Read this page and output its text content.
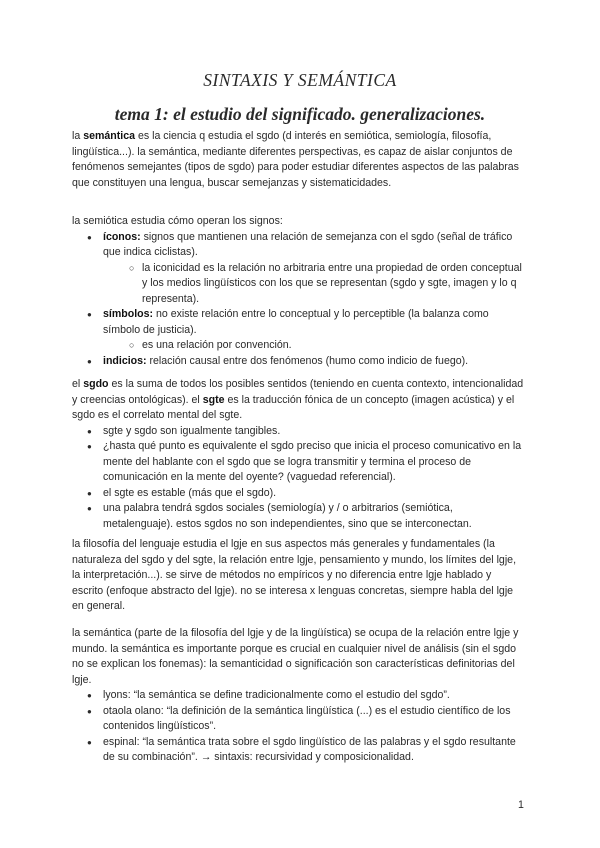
SINTAXIS Y SEMÁNTICA
tema 1: el estudio del significado. generalizaciones.

la semántica es la ciencia q estudia el sgdo (d interés en semiótica, semiología, filosofía, lingüística...). la semántica, mediante diferentes perspectivas, es capaz de aislar conjuntos de fenómenos semejantes (tipos de sgdo) para poder estudiar diferentes aspectos de las palabras que constituyen una lengua, buscar semejanzas y sistematicidades.

la semiótica estudia cómo operan los signos:

● íconos: signos que mantienen una relación de semejanza con el sgdo (señal de tráfico que indica ciclistas).
○ la iconicidad es la relación no arbitraria entre una propiedad de orden conceptual y los medios lingüísticos con los que se representan (sgdo y sgte, imagen y lo q representa).
● símbolos: no existe relación entre lo conceptual y lo perceptible (la balanza como símbolo de justicia).
○ es una relación por convención.
● indicios: relación causal entre dos fenómenos (humo como indicio de fuego).

el sgdo es la suma de todos los posibles sentidos (teniendo en cuenta contexto, intencionalidad y creencias ontológicas). el sgte es la traducción fónica de un concepto (imagen acústica) y el sgdo es el correlato mental del sgte.

● sgte y sgdo son igualmente tangibles.
● ¿hasta qué punto es equivalente el sgdo preciso que inicia el proceso comunicativo en la mente del hablante con el sgdo que se logra transmitir y termina el proceso de comunicación en la mente del oyente? (vaguedad referencial).
● el sgte es estable (más que el sgdo).
● una palabra tendrá sgdos sociales (semiología) y / o arbitrarios (semiótica, metalenguaje). estos sgdos no son independientes, sino que se interconectan.

la filosofía del lenguaje estudia el lgje en sus aspectos más generales y fundamentales (la naturaleza del sgdo y del sgte, la relación entre lgje, pensamiento y mundo, los límites del lgje, la interpretación...). se sirve de métodos no empíricos y no diferencia entre lgje hablado y escrito (enfoque abstracto del lgje). no se interesa x lenguas concretas, siempre habla del lgje en general.

la semántica (parte de la filosofía del lgje y de la lingüística) se ocupa de la relación entre lgje y mundo. la semántica es importante porque es crucial en cualquier nivel de análisis (sin el sgdo no se explican los fonemas): la semanticidad o significación son características definitorias del lgje.

● lyons: “la semántica se define tradicionalmente como el estudio del sgdo”.
● otaola olano: “la definición de la semántica lingüística (...) es el estudio científico de los contenidos lingüísticos”.
● espinal: “la semántica trata sobre el sgdo lingüístico de las palabras y el sgdo resultante de su combinación”. → sintaxis: recursividad y composicionalidad.
1
